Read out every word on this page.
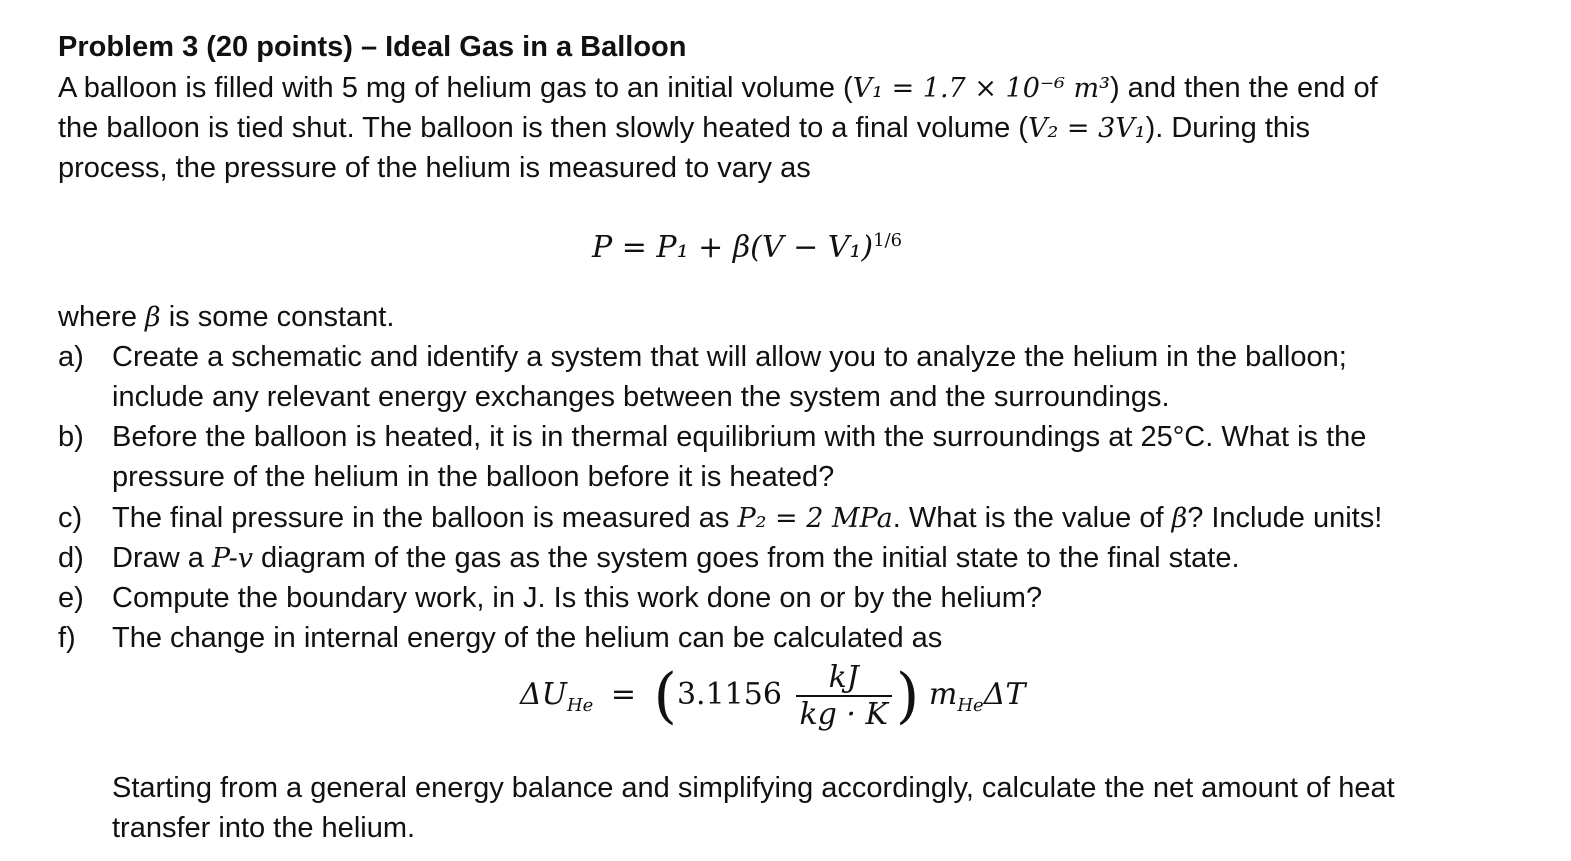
Problem 3 (20 points) – Ideal Gas in a Balloon
A balloon is filled with 5 mg of helium gas to an initial volume (V₁ = 1.7 × 10⁻⁶ m³) and then the end of
the balloon is tied shut. The balloon is then slowly heated to a final volume (V₂ = 3V₁). During this
process, the pressure of the helium is measured to vary as
$P = P_1 + \beta(V - V_1)^{1/6}$
where β is some constant.
a) Create a schematic and identify a system that will allow you to analyze the helium in the balloon;
include any relevant energy exchanges between the system and the surroundings.
b) Before the balloon is heated, it is in thermal equilibrium with the surroundings at 25°C. What is the
pressure of the helium in the balloon before it is heated?
c) The final pressure in the balloon is measured as P₂ = 2 MPa. What is the value of β? Include units!
d) Draw a P-v diagram of the gas as the system goes from the initial state to the final state.
e) Compute the boundary work, in J. Is this work done on or by the helium?
f) The change in internal energy of the helium can be calculated as
$\Delta U_{He} = (3.1156 \frac{kJ}{kg \cdot K}$ ) $m_{He}\Delta T$
Starting from a general energy balance and simplifying accordingly, calculate the net amount of heat
transfer into the helium.
